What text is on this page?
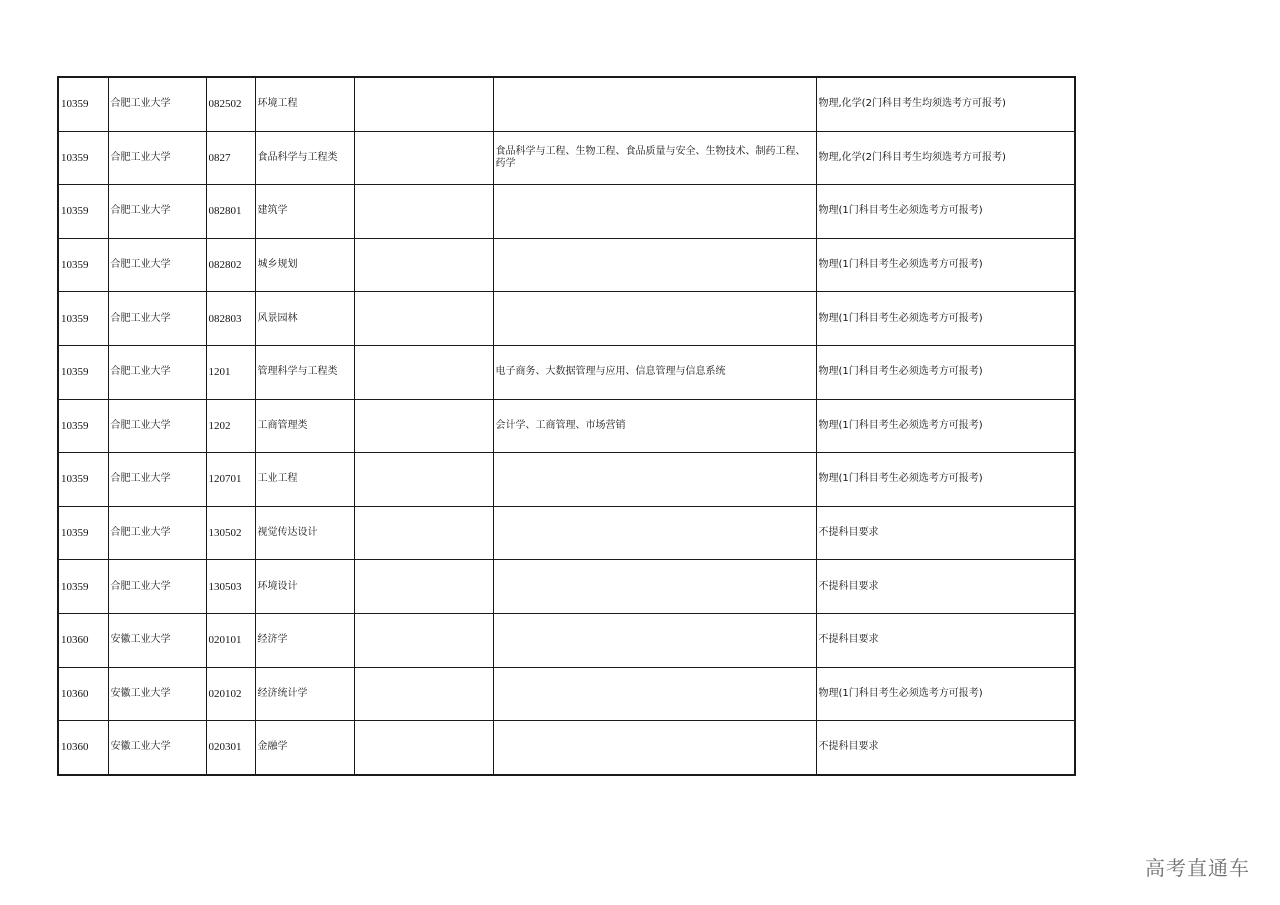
10359	合肥工业大学	082502	环境工程			物理,化学(2门科目考生均须选考方可报考)
10359	合肥工业大学	0827	食品科学与工程类		食品科学与工程、生物工程、食品质量与安全、生物技术、制药工程、药学	物理,化学(2门科目考生均须选考方可报考)
10359	合肥工业大学	082801	建筑学			物理(1门科目考生必须选考方可报考)
10359	合肥工业大学	082802	城乡规划			物理(1门科目考生必须选考方可报考)
10359	合肥工业大学	082803	风景园林			物理(1门科目考生必须选考方可报考)
10359	合肥工业大学	1201	管理科学与工程类		电子商务、大数据管理与应用、信息管理与信息系统	物理(1门科目考生必须选考方可报考)
10359	合肥工业大学	1202	工商管理类		会计学、工商管理、市场营销	物理(1门科目考生必须选考方可报考)
10359	合肥工业大学	120701	工业工程			物理(1门科目考生必须选考方可报考)
10359	合肥工业大学	130502	视觉传达设计			不提科目要求
10359	合肥工业大学	130503	环境设计			不提科目要求
10360	安徽工业大学	020101	经济学			不提科目要求
10360	安徽工业大学	020102	经济统计学			物理(1门科目考生必须选考方可报考)
10360	安徽工业大学	020301	金融学			不提科目要求
高考直通车
